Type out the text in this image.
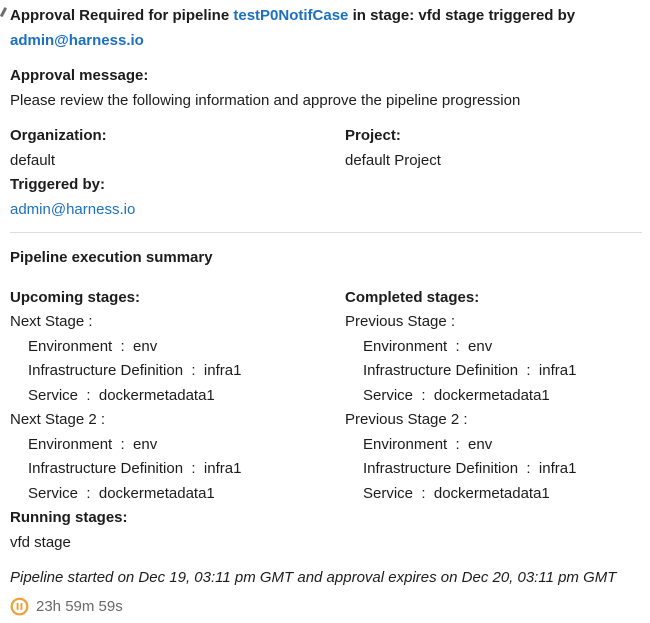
Approval Required for pipeline testP0NotifCase in stage: vfd stage triggered by admin@harness.io
Approval message:
Please review the following information and approve the pipeline progression
Organization:
default
Triggered by:
admin@harness.io
Project:
default Project
Pipeline execution summary
Upcoming stages:
Next Stage :
Environment  :  env
Infrastructure Definition  :  infra1
Service  :  dockermetadata1
Next Stage 2 :
Environment  :  env
Infrastructure Definition  :  infra1
Service  :  dockermetadata1
Running stages:
vfd stage
Completed stages:
Previous Stage :
Environment  :  env
Infrastructure Definition  :  infra1
Service  :  dockermetadata1
Previous Stage 2 :
Environment  :  env
Infrastructure Definition  :  infra1
Service  :  dockermetadata1
Pipeline started on Dec 19, 03:11 pm GMT and approval expires on Dec 20, 03:11 pm GMT
23h 59m 59s
